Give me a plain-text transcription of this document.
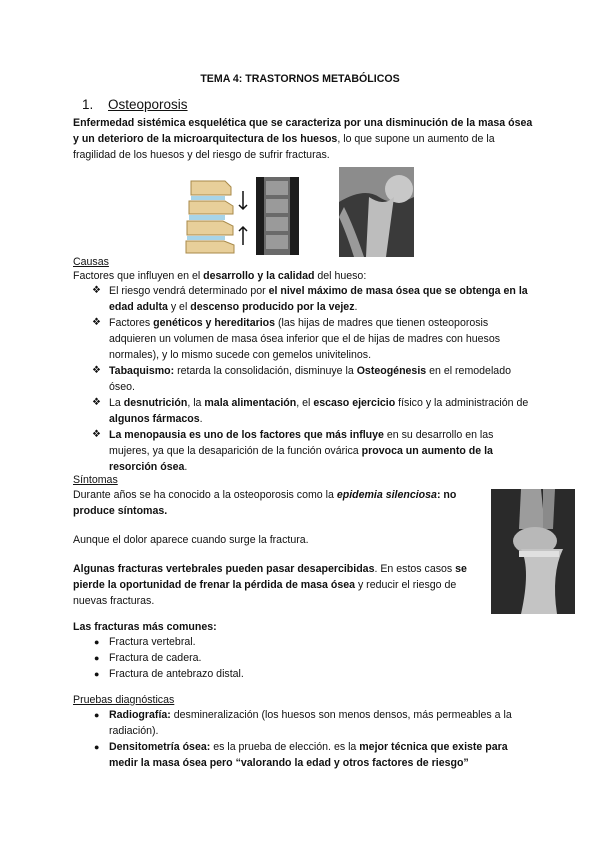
TEMA 4: TRASTORNOS METABÓLICOS
1. Osteoporosis
Enfermedad sistémica esquelética que se caracteriza por una disminución de la masa ósea y un deterioro de la microarquitectura de los huesos, lo que supone un aumento de la fragilidad de los huesos y del riesgo de sufrir fracturas.
Causas
Factores que influyen en el desarrollo y la calidad del hueso:
❖ El riesgo vendrá determinado por el nivel máximo de masa ósea que se obtenga en la edad adulta y el descenso producido por la vejez.
❖ Factores genéticos y hereditarios (las hijas de madres que tienen osteoporosis adquieren un volumen de masa ósea inferior que el de hijas de madres con huesos normales), y lo mismo sucede con gemelos univitelinos.
❖ Tabaquismo: retarda la consolidación, disminuye la Osteogénesis en el remodelado óseo.
❖ La desnutrición, la mala alimentación, el escaso ejercicio físico y la administración de algunos fármacos.
❖ La menopausia es uno de los factores que más influye en su desarrollo en las mujeres, ya que la desaparición de la función ovárica provoca un aumento de la resorción ósea.
Síntomas
Durante años se ha conocido a la osteoporosis como la epidemia silenciosa: no produce síntomas.
Aunque el dolor aparece cuando surge la fractura.
Algunas fracturas vertebrales pueden pasar desapercibidas. En estos casos se pierde la oportunidad de frenar la pérdida de masa ósea y reducir el riesgo de nuevas fracturas.
Las fracturas más comunes:
● Fractura vertebral.
● Fractura de cadera.
● Fractura de antebrazo distal.
Pruebas diagnósticas
● Radiografía: desmineralización (los huesos son menos densos, más permeables a la radiación).
● Densitometría ósea: es la prueba de elección. es la mejor técnica que existe para medir la masa ósea pero “valorando la edad y otros factores de riesgo”
